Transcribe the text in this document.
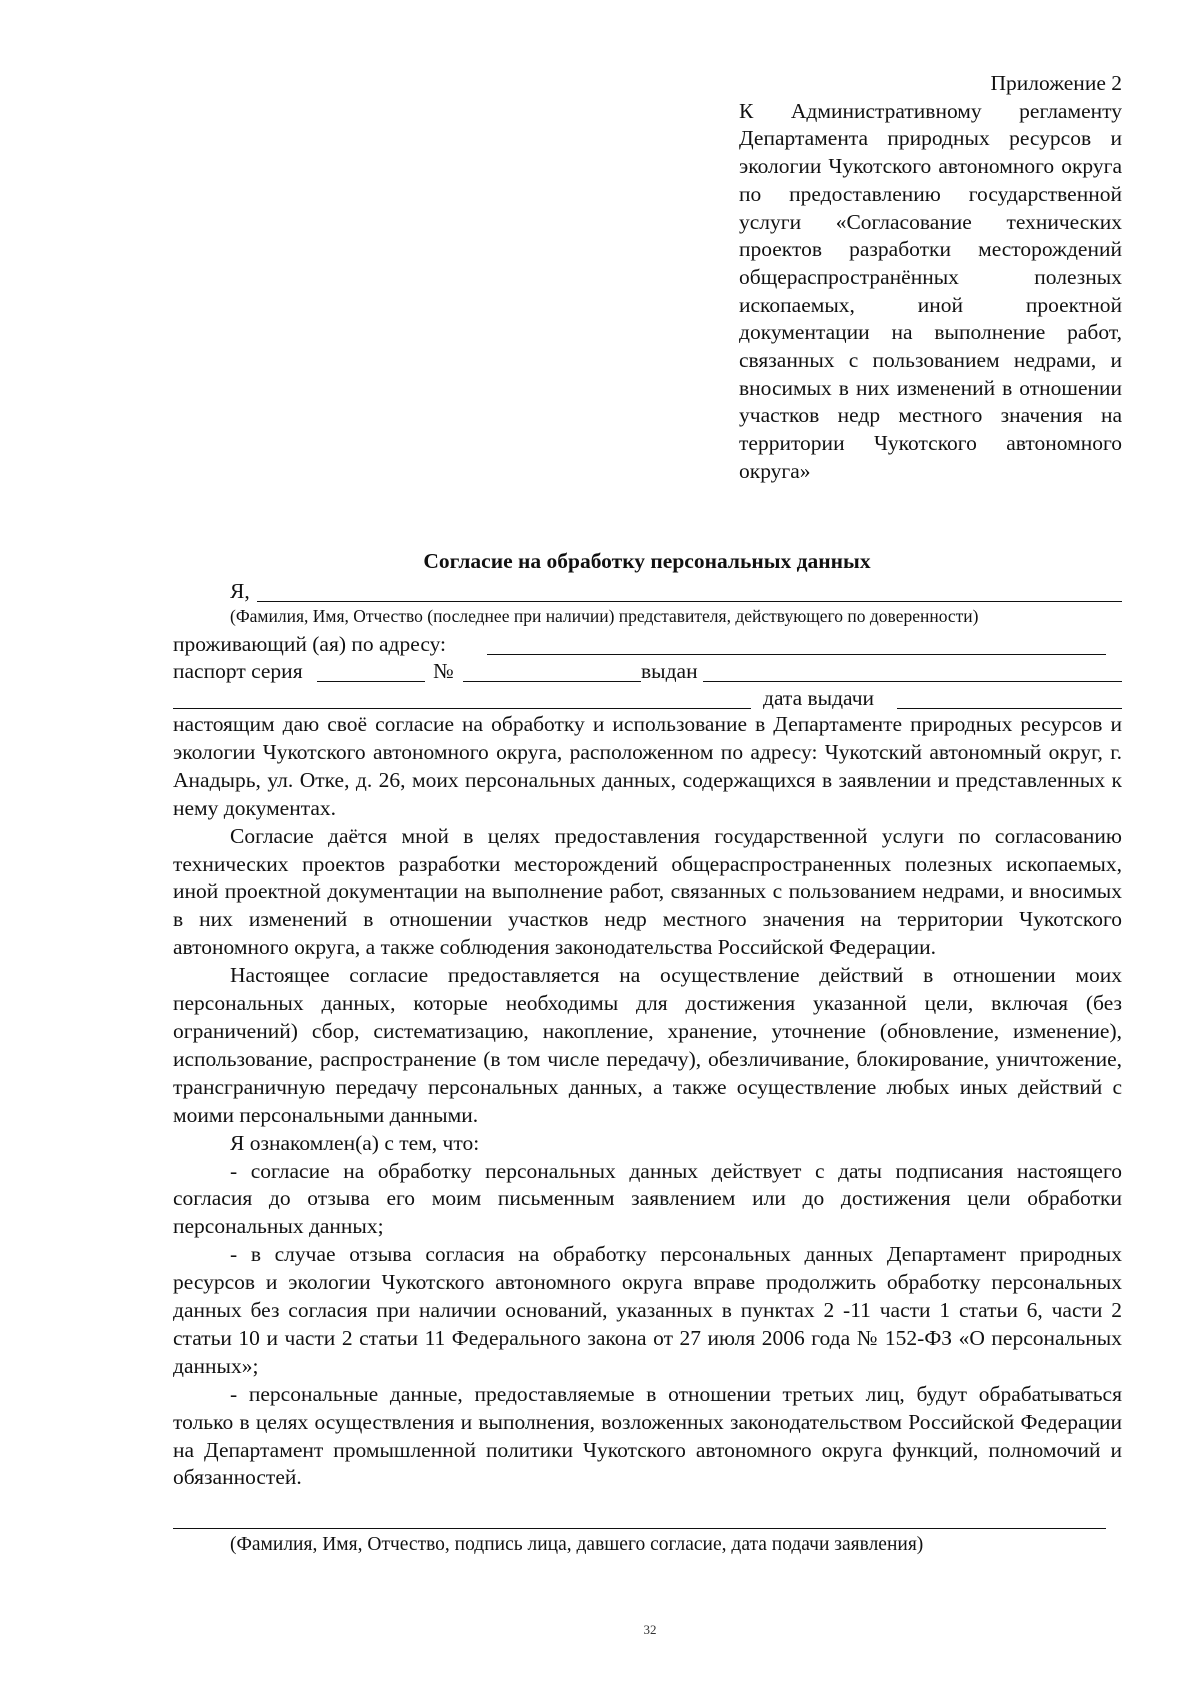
Приложение 2
К Административному регламенту Департамента природных ресурсов и экологии Чукотского автономного округа по предоставлению государственной услуги «Согласование технических проектов разработки месторождений общераспространённых полезных ископаемых, иной проектной документации на выполнение работ, связанных с пользованием недрами, и вносимых в них изменений в отношении участков недр местного значения на территории Чукотского автономного округа»
Согласие на обработку персональных данных
Я,
(Фамилия, Имя, Отчество (последнее при наличии) представителя, действующего по доверенности)
проживающий (ая) по адресу:
паспорт серия	№	выдан
дата выдачи

настоящим даю своё согласие на обработку и использование в Департаменте природных ресурсов и экологии Чукотского автономного округа, расположенном по адресу: Чукотский автономный округ, г. Анадырь, ул. Отке, д. 26, моих персональных данных, содержащихся в заявлении и представленных к нему документах.

Согласие даётся мной в целях предоставления государственной услуги по согласованию технических проектов разработки месторождений общераспространенных полезных ископаемых, иной проектной документации на выполнение работ, связанных с пользованием недрами, и вносимых в них изменений в отношении участков недр местного значения на территории Чукотского автономного округа, а также соблюдения законодательства Российской Федерации.

Настоящее согласие предоставляется на осуществление действий в отношении моих персональных данных, которые необходимы для достижения указанной цели, включая (без ограничений) сбор, систематизацию, накопление, хранение, уточнение (обновление, изменение), использование, распространение (в том числе передачу), обезличивание, блокирование, уничтожение, трансграничную передачу персональных данных, а также осуществление любых иных действий с моими персональными данными.

Я ознакомлен(а) с тем, что:

- согласие на обработку персональных данных действует с даты подписания настоящего согласия до отзыва его моим письменным заявлением или до достижения цели обработки персональных данных;

- в случае отзыва согласия на обработку персональных данных Департамент природных ресурсов и экологии Чукотского автономного округа вправе продолжить обработку персональных данных без согласия при наличии оснований, указанных в пунктах 2 -11 части 1 статьи 6, части 2 статьи 10 и части 2 статьи 11 Федерального закона от 27 июля 2006 года № 152-ФЗ «О персональных данных»;

- персональные данные, предоставляемые в отношении третьих лиц, будут обрабатываться только в целях осуществления и выполнения, возложенных законодательством Российской Федерации на Департамент промышленной политики Чукотского автономного округа функций, полномочий и обязанностей.

(Фамилия, Имя, Отчество, подпись лица, давшего согласие, дата подачи заявления)
32
